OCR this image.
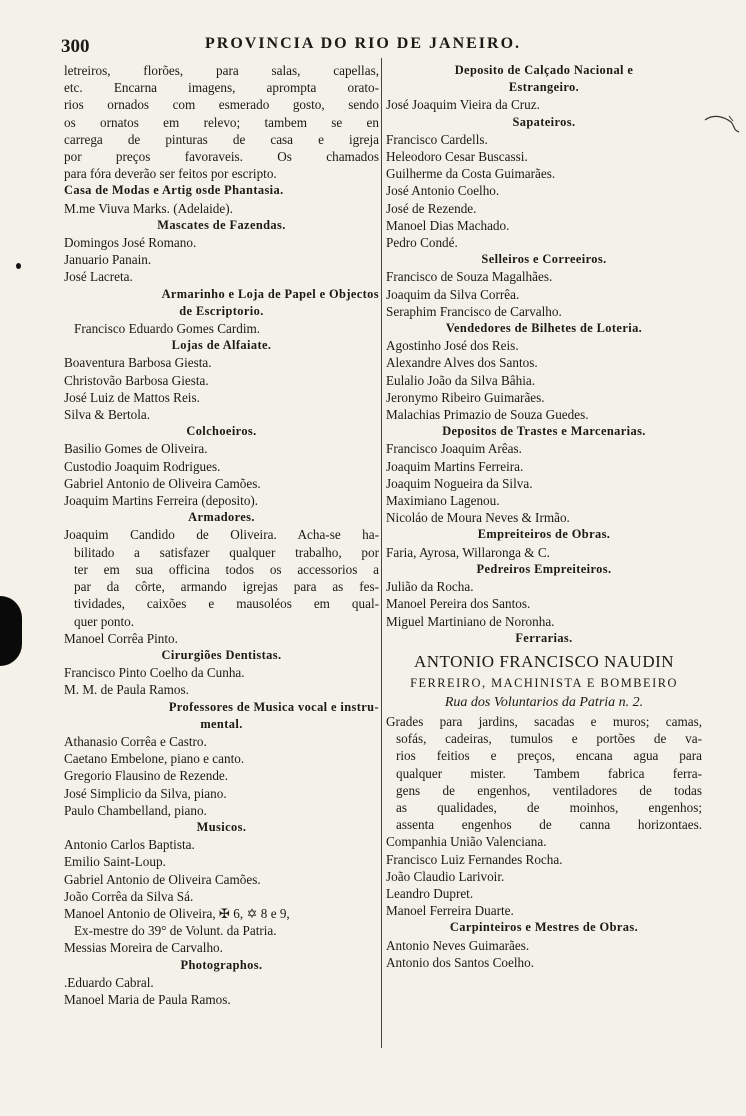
300	PROVINCIA DO RIO DE JANEIRO.
letreiros, florões, para salas, capellas,
etc. Encarna imagens, apromptа orato-
rios ornados com esmerado gosto, sendo
os ornatos em relevo; tambem se en
carrega de pinturas de casa e igreja
por preços favoraveis. Os chamados
para fóra deverão ser feitos por escripto.
Casa de Modas e Artig osde Phantasia.
M.me Viuva Marks. (Adelaide).
Mascates de Fazendas.
Domingos José Romano.
Januario Panain.
José Lacreta.
Armarinho e Loja de Papel e Objectos
de Escriptorio.
Francisco Eduardo Gomes Cardim.
Lojas de Alfaiate.
Boaventura Barbosa Giesta.
Christovão Barbosa Giesta.
José Luiz de Mattos Reis.
Silva & Bertola.
Colchoeiros.
Basilio Gomes de Oliveira.
Custodio Joaquim Rodrigues.
Gabriel Antonio de Oliveira Camões.
Joaquim Martins Ferreira (deposito).
Armadores.
Joaquim Candido de Oliveira. Acha-se ha-
bilitado a satisfazer qualquer trabalho, por
ter em sua officina todos os accessorios a
par da côrte, armando igrejas para as fes-
tividades, caixões e mausoléos em qual-
quer ponto.
Manoel Corrêa Pinto.
Cirurgiões Dentistas.
Francisco Pinto Coelho da Cunha.
M. M. de Paula Ramos.
Professores de Musica vocal e instru-
mental.
Athanasio Corrêa e Castro.
Caetano Embelone, piano e canto.
Gregorio Flausino de Rezende.
José Simplicio da Silva, piano.
Paulo Chambelland, piano.
Musicos.
Antonio Carlos Baptista.
Emilio Saint-Loup.
Gabriel Antonio de Oliveira Camões.
João Corrêa da Silva Sá.
Manoel Antonio de Oliveira, ✠ 6, ✡ 8 e 9,
Ex-mestre do 39° de Volunt. da Patria.
Messias Moreira de Carvalho.
Photographos.
.Eduardo Cabral.
Manoel Maria de Paula Ramos.
Deposito de Calçado Nacional e
Estrangeiro.
José Joaquim Vieira da Cruz.
Sapateiros.
Francisco Cardells.
Heleodoro Cesar Buscassi.
Guilherme da Costa Guimarães.
José Antonio Coelho.
José de Rezende.
Manoel Dias Machado.
Pedro Condé.
Selleiros e Correeiros.
Francisco de Souza Magalhães.
Joaquim da Silva Corrêa.
Seraphim Francisco de Carvalho.
Vendedores de Bilhetes de Loteria.
Agostinho José dos Reis.
Alexandre Alves dos Santos.
Eulalio João da Silva Bâhia.
Jeronymo Ribeiro Guimarães.
Malachias Primazio de Souza Guedes.
Depositos de Trastes e Marcenarias.
Francisco Joaquim Arêas.
Joaquim Martins Ferreira.
Joaquim Nogueira da Silva.
Maximiano Lagenou.
Nicoláo de Moura Neves & Irmão.
Empreiteiros de Obras.
Faria, Ayrosa, Willaronga & C.
Pedreiros Empreiteiros.
Julião da Rocha.
Manoel Pereira dos Santos.
Miguel Martiniano de Noronha.
Ferrarias.
ANTONIO FRANCISCO NAUDIN
FERREIRO, MACHINISTA E BOMBEIRO
Rua dos Voluntarios da Patria n. 2.
Grades para jardins, sacadas e muros; camas,
sofás, cadeiras, tumulos e portões de va-
rios feitios e preços, encana agua para
qualquer mister. Tambem fabrica ferra-
gens de engenhos, ventiladores de todas
as qualidades, de moinhos, engenhos;
assenta engenhos de canna horizontaes.
Companhia União Valenciana.
Francisco Luiz Fernandes Rocha.
João Claudio Larivoir.
Leandro Dupret.
Manoel Ferreira Duarte.
Carpinteiros e Mestres de Obras.
Antonio Neves Guimarães.
Antonio dos Santos Coelho.
